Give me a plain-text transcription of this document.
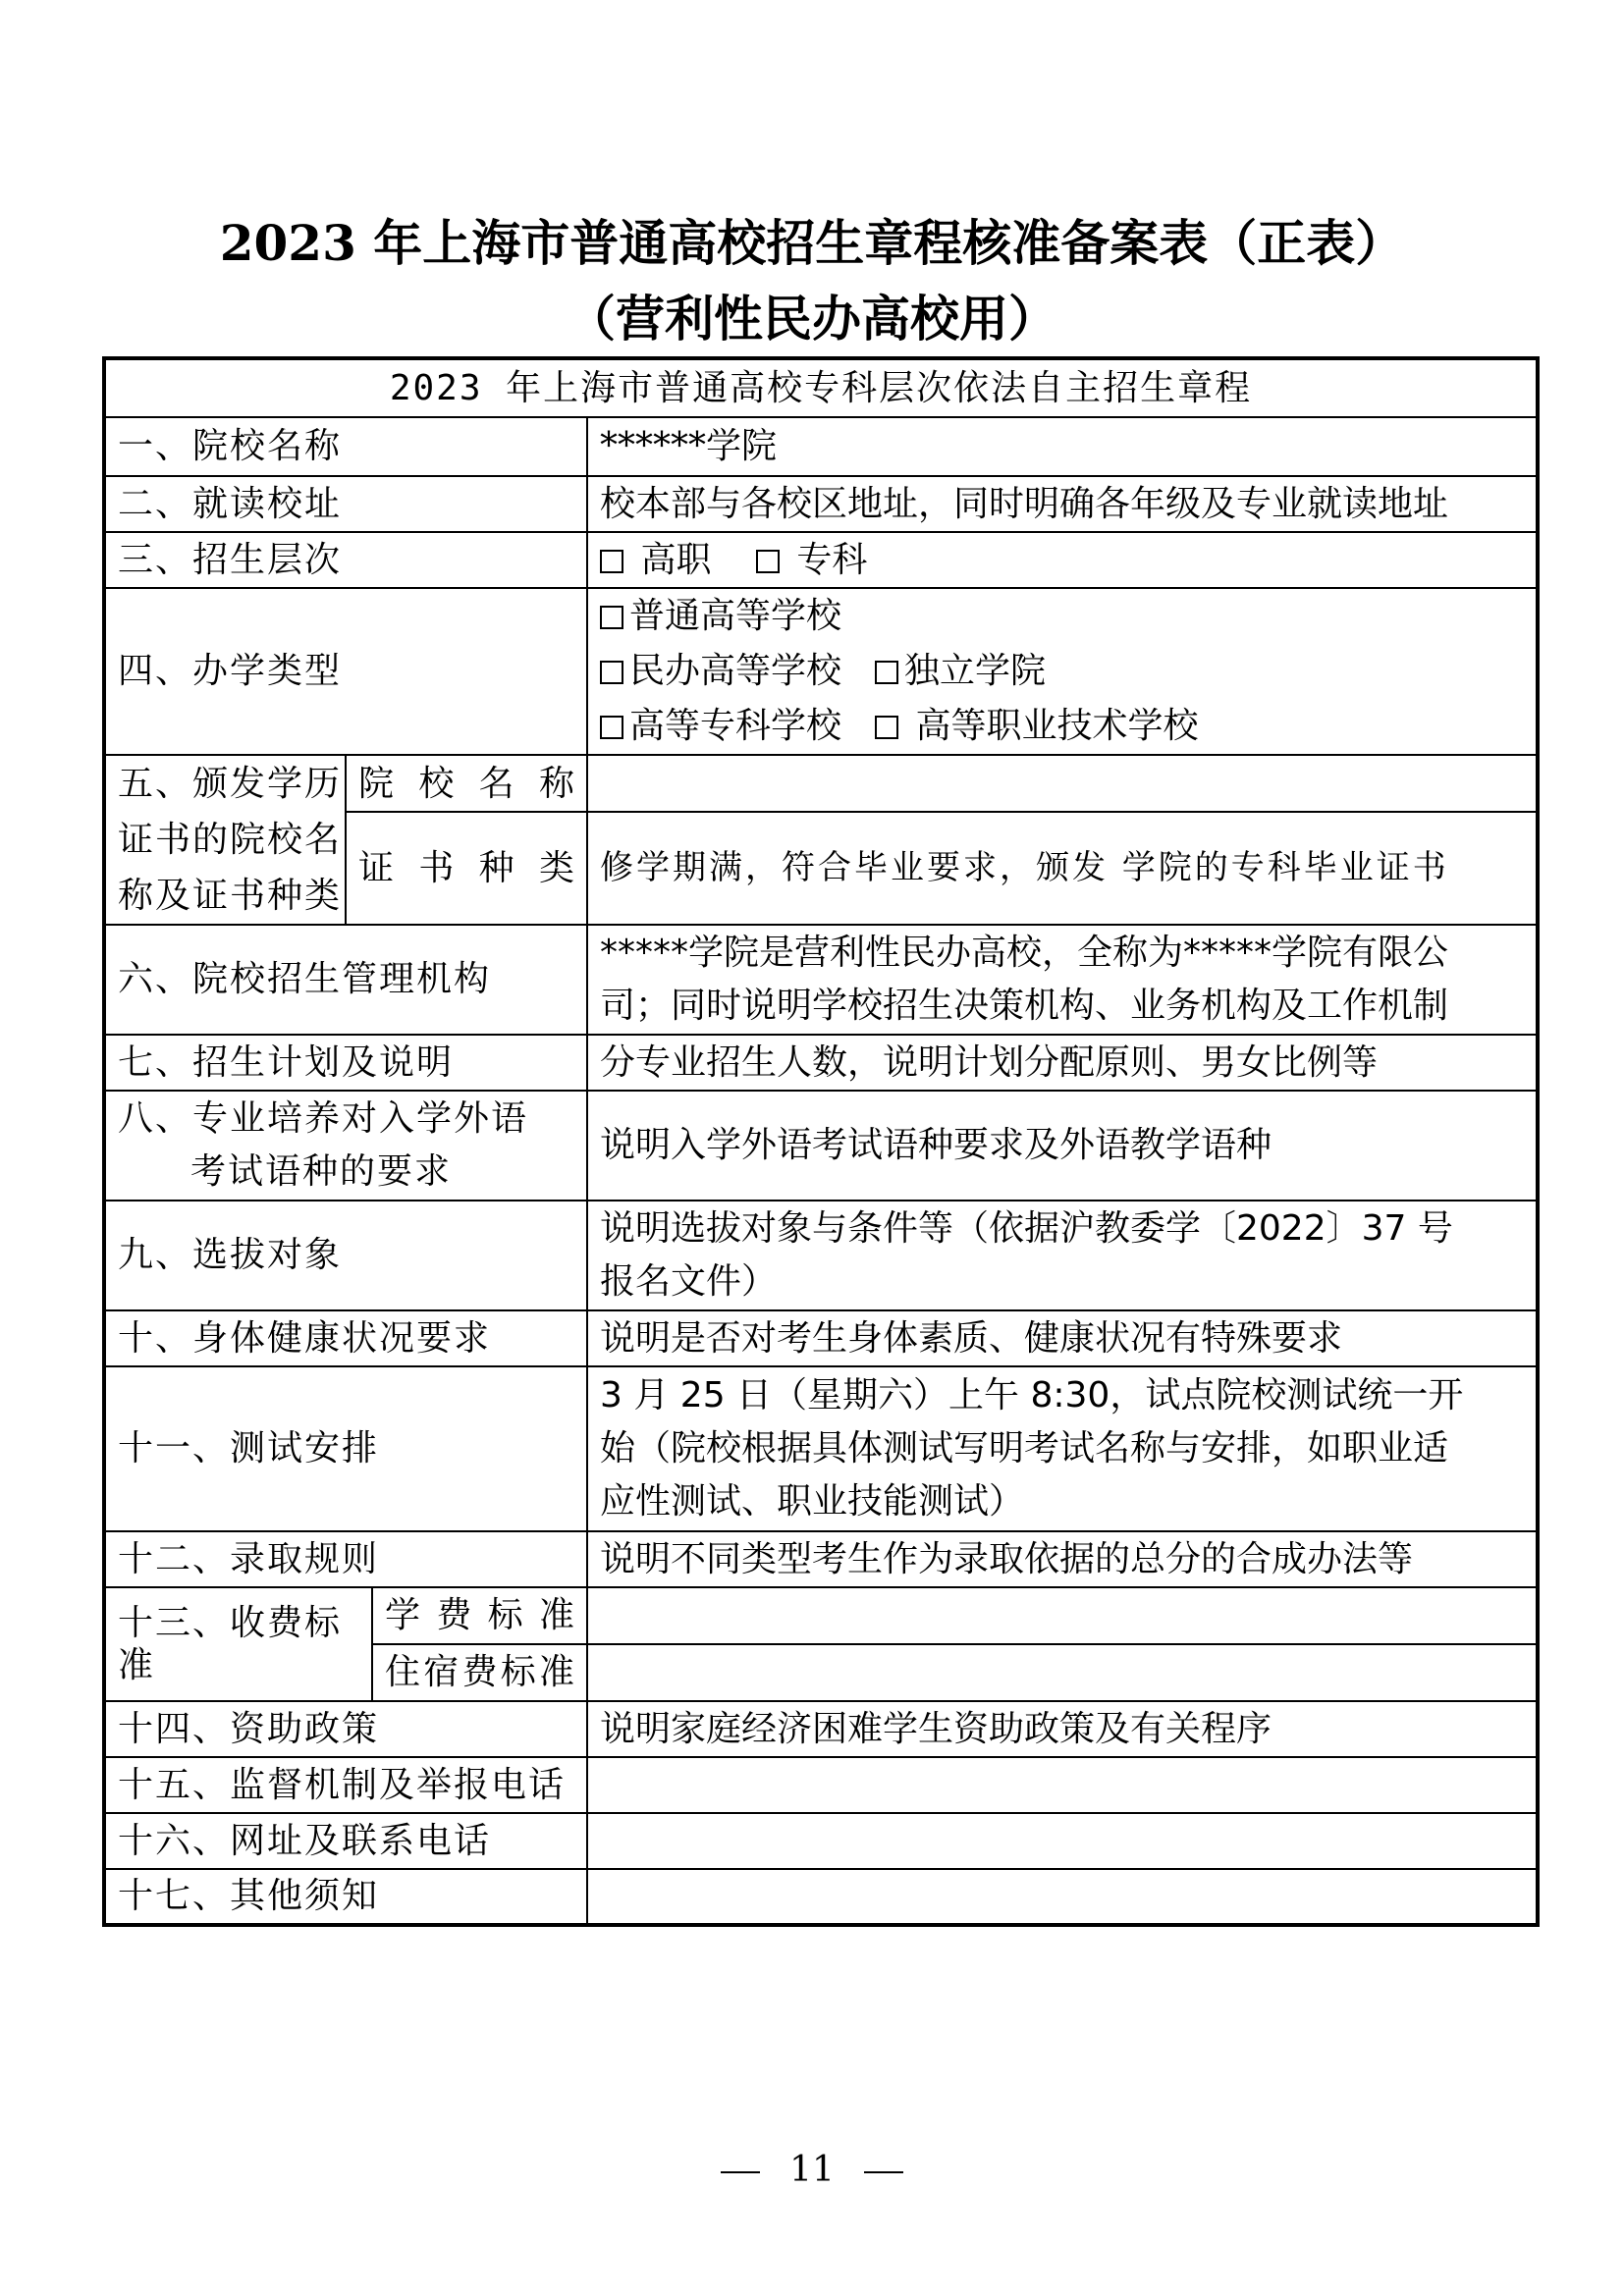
2023 年上海市普通高校招生章程核准备案表（正表）
（营利性民办高校用）
2023 年上海市普通高校专科层次依法自主招生章程			
一、院校名称			******学院
二、就读校址			校本部与各校区地址，同时明确各年级及专业就读地址
三、招生层次			高职 专科
四、办学类型			普通高等学校
民办高等学校 独立学院
高等专科学校 高等职业技术学校

五、颁发学历
证书的院校名
称及证书种类	院校名称		
	证书种类		修学期满，符合毕业要求，颁发 学院的专科毕业证书
六、院校招生管理机构			*****学院是营利性民办高校，全称为*****学院有限公
司；同时说明学校招生决策机构、业务机构及工作机制

七、招生计划及说明			分专业招生人数，说明计划分配原则、男女比例等

八、专业培养对入学外语
考试语种的要求			说明入学外语考试语种要求及外语教学语种
九、选拔对象			说明选拔对象与条件等（依据沪教委学〔2022〕37 号
报名文件）

十、身体健康状况要求			说明是否对考生身体素质、健康状况有特殊要求
十一、测试安排			3 月 25 日（星期六）上午 8:30，试点院校测试统一开
始（院校根据具体测试写明考试名称与安排，如职业适
应性测试、职业技能测试）

十二、录取规则			说明不同类型考生作为录取依据的总分的合成办法等
十三、收费标准		学费标准	
		住宿费标准	
十四、资助政策			说明家庭经济困难学生资助政策及有关程序
十五、监督机制及举报电话			
十六、网址及联系电话			
十七、其他须知			
11
